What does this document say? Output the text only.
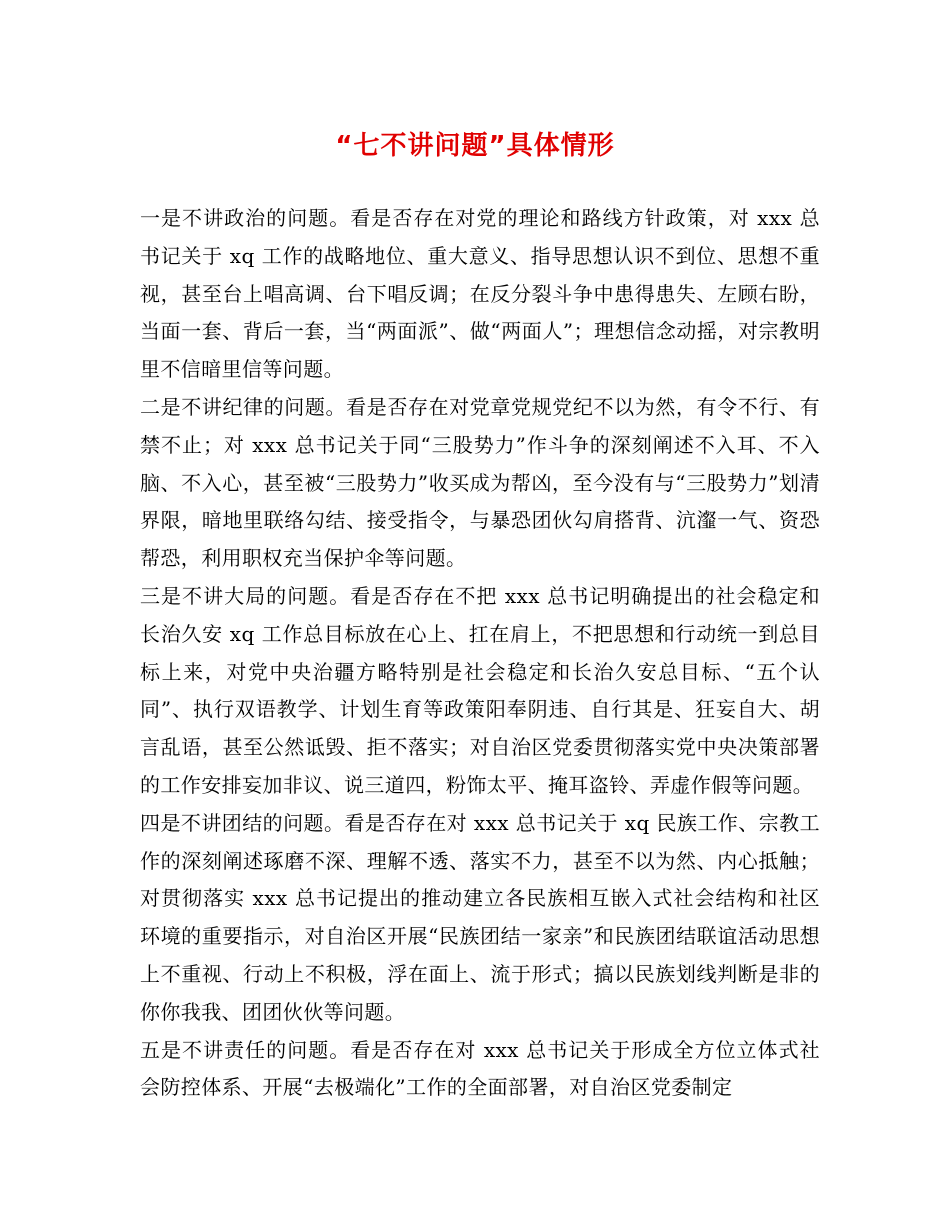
“七不讲问题”具体情形

一是不讲政治的问题。看是否存在对党的理论和路线方针政策，对 xxx 总书记关于 xq 工作的战略地位、重大意义、指导思想认识不到位、思想不重视，甚至台上唱高调、台下唱反调；在反分裂斗争中患得患失、左顾右盼，当面一套、背后一套，当“两面派”、做“两面人”；理想信念动摇，对宗教明里不信暗里信等问题。

二是不讲纪律的问题。看是否存在对党章党规党纪不以为然，有令不行、有禁不止；对 xxx 总书记关于同“三股势力”作斗争的深刻阐述不入耳、不入脑、不入心，甚至被“三股势力”收买成为帮凶，至今没有与“三股势力”划清界限，暗地里联络勾结、接受指令，与暴恐团伙勾肩搭背、沆瀣一气、资恐帮恐，利用职权充当保护伞等问题。

三是不讲大局的问题。看是否存在不把 xxx 总书记明确提出的社会稳定和长治久安 xq 工作总目标放在心上、扛在肩上，不把思想和行动统一到总目标上来，对党中央治疆方略特别是社会稳定和长治久安总目标、“五个认同”、执行双语教学、计划生育等政策阳奉阴违、自行其是、狂妄自大、胡言乱语，甚至公然诋毁、拒不落实；对自治区党委贯彻落实党中央决策部署的工作安排妄加非议、说三道四，粉饰太平、掩耳盗铃、弄虚作假等问题。

四是不讲团结的问题。看是否存在对 xxx 总书记关于 xq 民族工作、宗教工作的深刻阐述琢磨不深、理解不透、落实不力，甚至不以为然、内心抵触；对贯彻落实 xxx 总书记提出的推动建立各民族相互嵌入式社会结构和社区环境的重要指示，对自治区开展“民族团结一家亲”和民族团结联谊活动思想上不重视、行动上不积极，浮在面上、流于形式；搞以民族划线判断是非的你你我我、团团伙伙等问题。

五是不讲责任的问题。看是否存在对 xxx 总书记关于形成全方位立体式社会防控体系、开展“去极端化”工作的全面部署，对自治区党委制定
